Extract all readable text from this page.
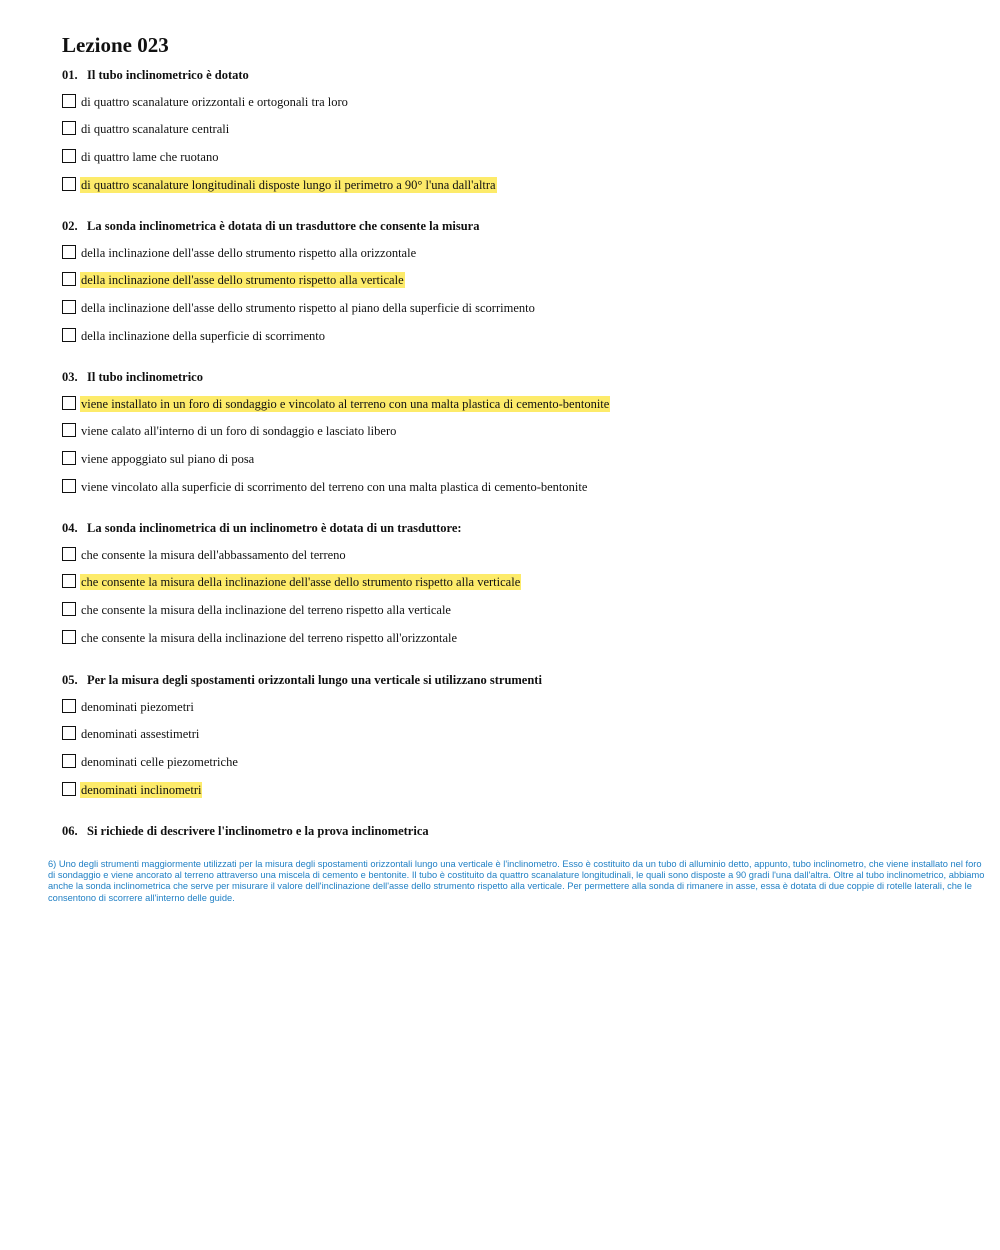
Lezione 023
01. Il tubo inclinometrico è dotato
di quattro scanalature orizzontali e ortogonali tra loro
di quattro scanalature centrali
di quattro lame che ruotano
di quattro scanalature longitudinali disposte lungo il perimetro a 90° l'una dall'altra
02. La sonda inclinometrica è dotata di un trasduttore che consente la misura
della inclinazione dell'asse dello strumento rispetto alla orizzontale
della inclinazione dell'asse dello strumento rispetto alla verticale
della inclinazione dell'asse dello strumento rispetto al piano della superficie di scorrimento
della inclinazione della superficie di scorrimento
03. Il tubo inclinometrico
viene installato in un foro di sondaggio e vincolato al terreno con una malta plastica di cemento-bentonite
viene calato all'interno di un foro di sondaggio e lasciato libero
viene appoggiato sul piano di posa
viene vincolato alla superficie di scorrimento del terreno con una malta plastica di cemento-bentonite
04. La sonda inclinometrica di un inclinometro è dotata di un trasduttore:
che consente la misura dell'abbassamento del terreno
che consente la misura della inclinazione dell'asse dello strumento rispetto alla verticale
che consente la misura della inclinazione del terreno rispetto alla verticale
che consente la misura della inclinazione del terreno rispetto all'orizzontale
05. Per la misura degli spostamenti orizzontali lungo una verticale si utilizzano strumenti
denominati piezometri
denominati assestimetri
denominati celle piezometriche
denominati inclinometri
06. Si richiede di descrivere l'inclinometro e la prova inclinometrica

6) Uno degli strumenti maggiormente utilizzati per la misura degli spostamenti orizzontali lungo una verticale è l'inclinometro. Esso è costituito da un tubo di alluminio detto, appunto, tubo inclinometro, che viene installato nel foro di sondaggio e viene ancorato al terreno attraverso una miscela di cemento e bentonite. Il tubo è costituito da quattro scanalature longitudinali, le quali sono disposte a 90 gradi l'una dall'altra. Oltre al tubo inclinometrico, abbiamo anche la sonda inclinometrica che serve per misurare il valore dell'inclinazione dell'asse dello strumento rispetto alla verticale. Per permettere alla sonda di rimanere in asse, essa è dotata di due coppie di rotelle laterali, che le consentono di scorrere all'interno delle guide.
